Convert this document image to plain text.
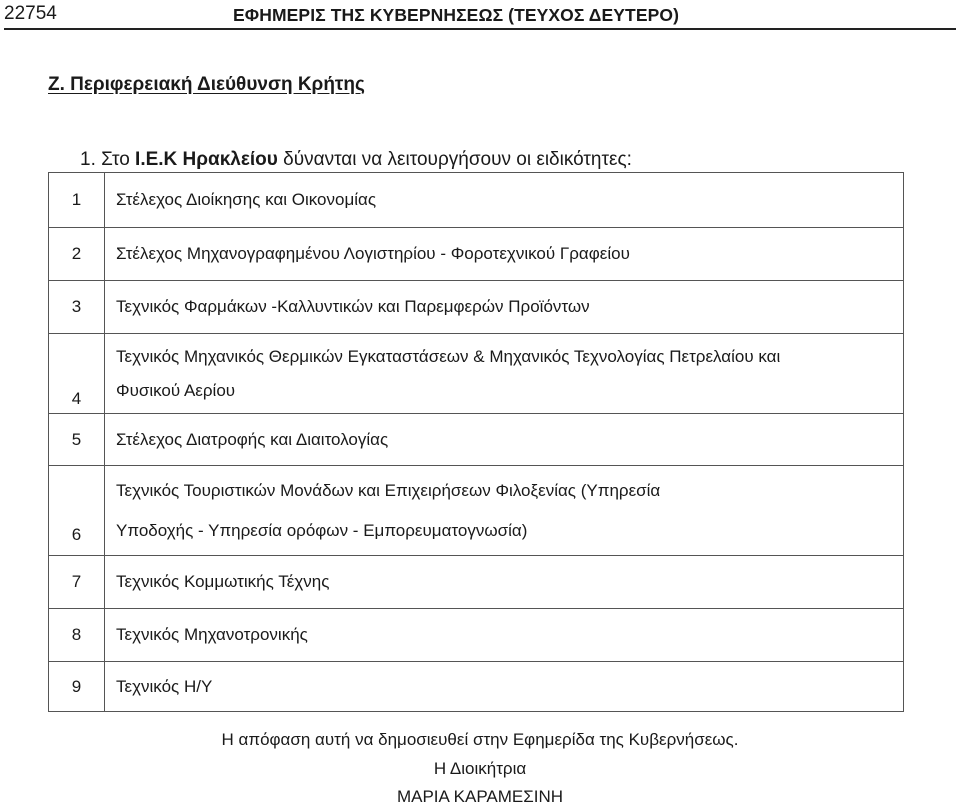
22754	ΕΦΗΜΕΡΙΣ ΤΗΣ ΚΥΒΕΡΝΗΣΕΩΣ (ΤΕΥΧΟΣ ΔΕΥΤΕΡΟ)
Ζ. Περιφερειακή Διεύθυνση Κρήτης
1. Στο Ι.Ε.Κ Ηρακλείου δύνανται να λειτουργήσουν οι ειδικότητες:
1	Στέλεχος Διοίκησης και Οικονομίας
2	Στέλεχος Μηχανογραφημένου Λογιστηρίου - Φοροτεχνικού Γραφείου
3	Τεχνικός Φαρμάκων -Καλλυντικών και Παρεμφερών Προϊόντων
4	Τεχνικός Μηχανικός Θερμικών Εγκαταστάσεων & Μηχανικός Τεχνολογίας Πετρελαίου και
Φυσικού Αερίου

5	Στέλεχος Διατροφής και Διαιτολογίας
6	Τεχνικός Τουριστικών Μονάδων και Επιχειρήσεων Φιλοξενίας (Υπηρεσία
Υποδοχής - Υπηρεσία ορόφων - Εμπορευματογνωσία)

7	Τεχνικός Κομμωτικής Τέχνης
8	Τεχνικός Μηχανοτρονικής
9	Τεχνικός Η/Υ
Η απόφαση αυτή να δημοσιευθεί στην Εφημερίδα της Κυβερνήσεως.
Η Διοικήτρια
ΜΑΡΙΑ ΚΑΡΑΜΕΣΙΝΗ
